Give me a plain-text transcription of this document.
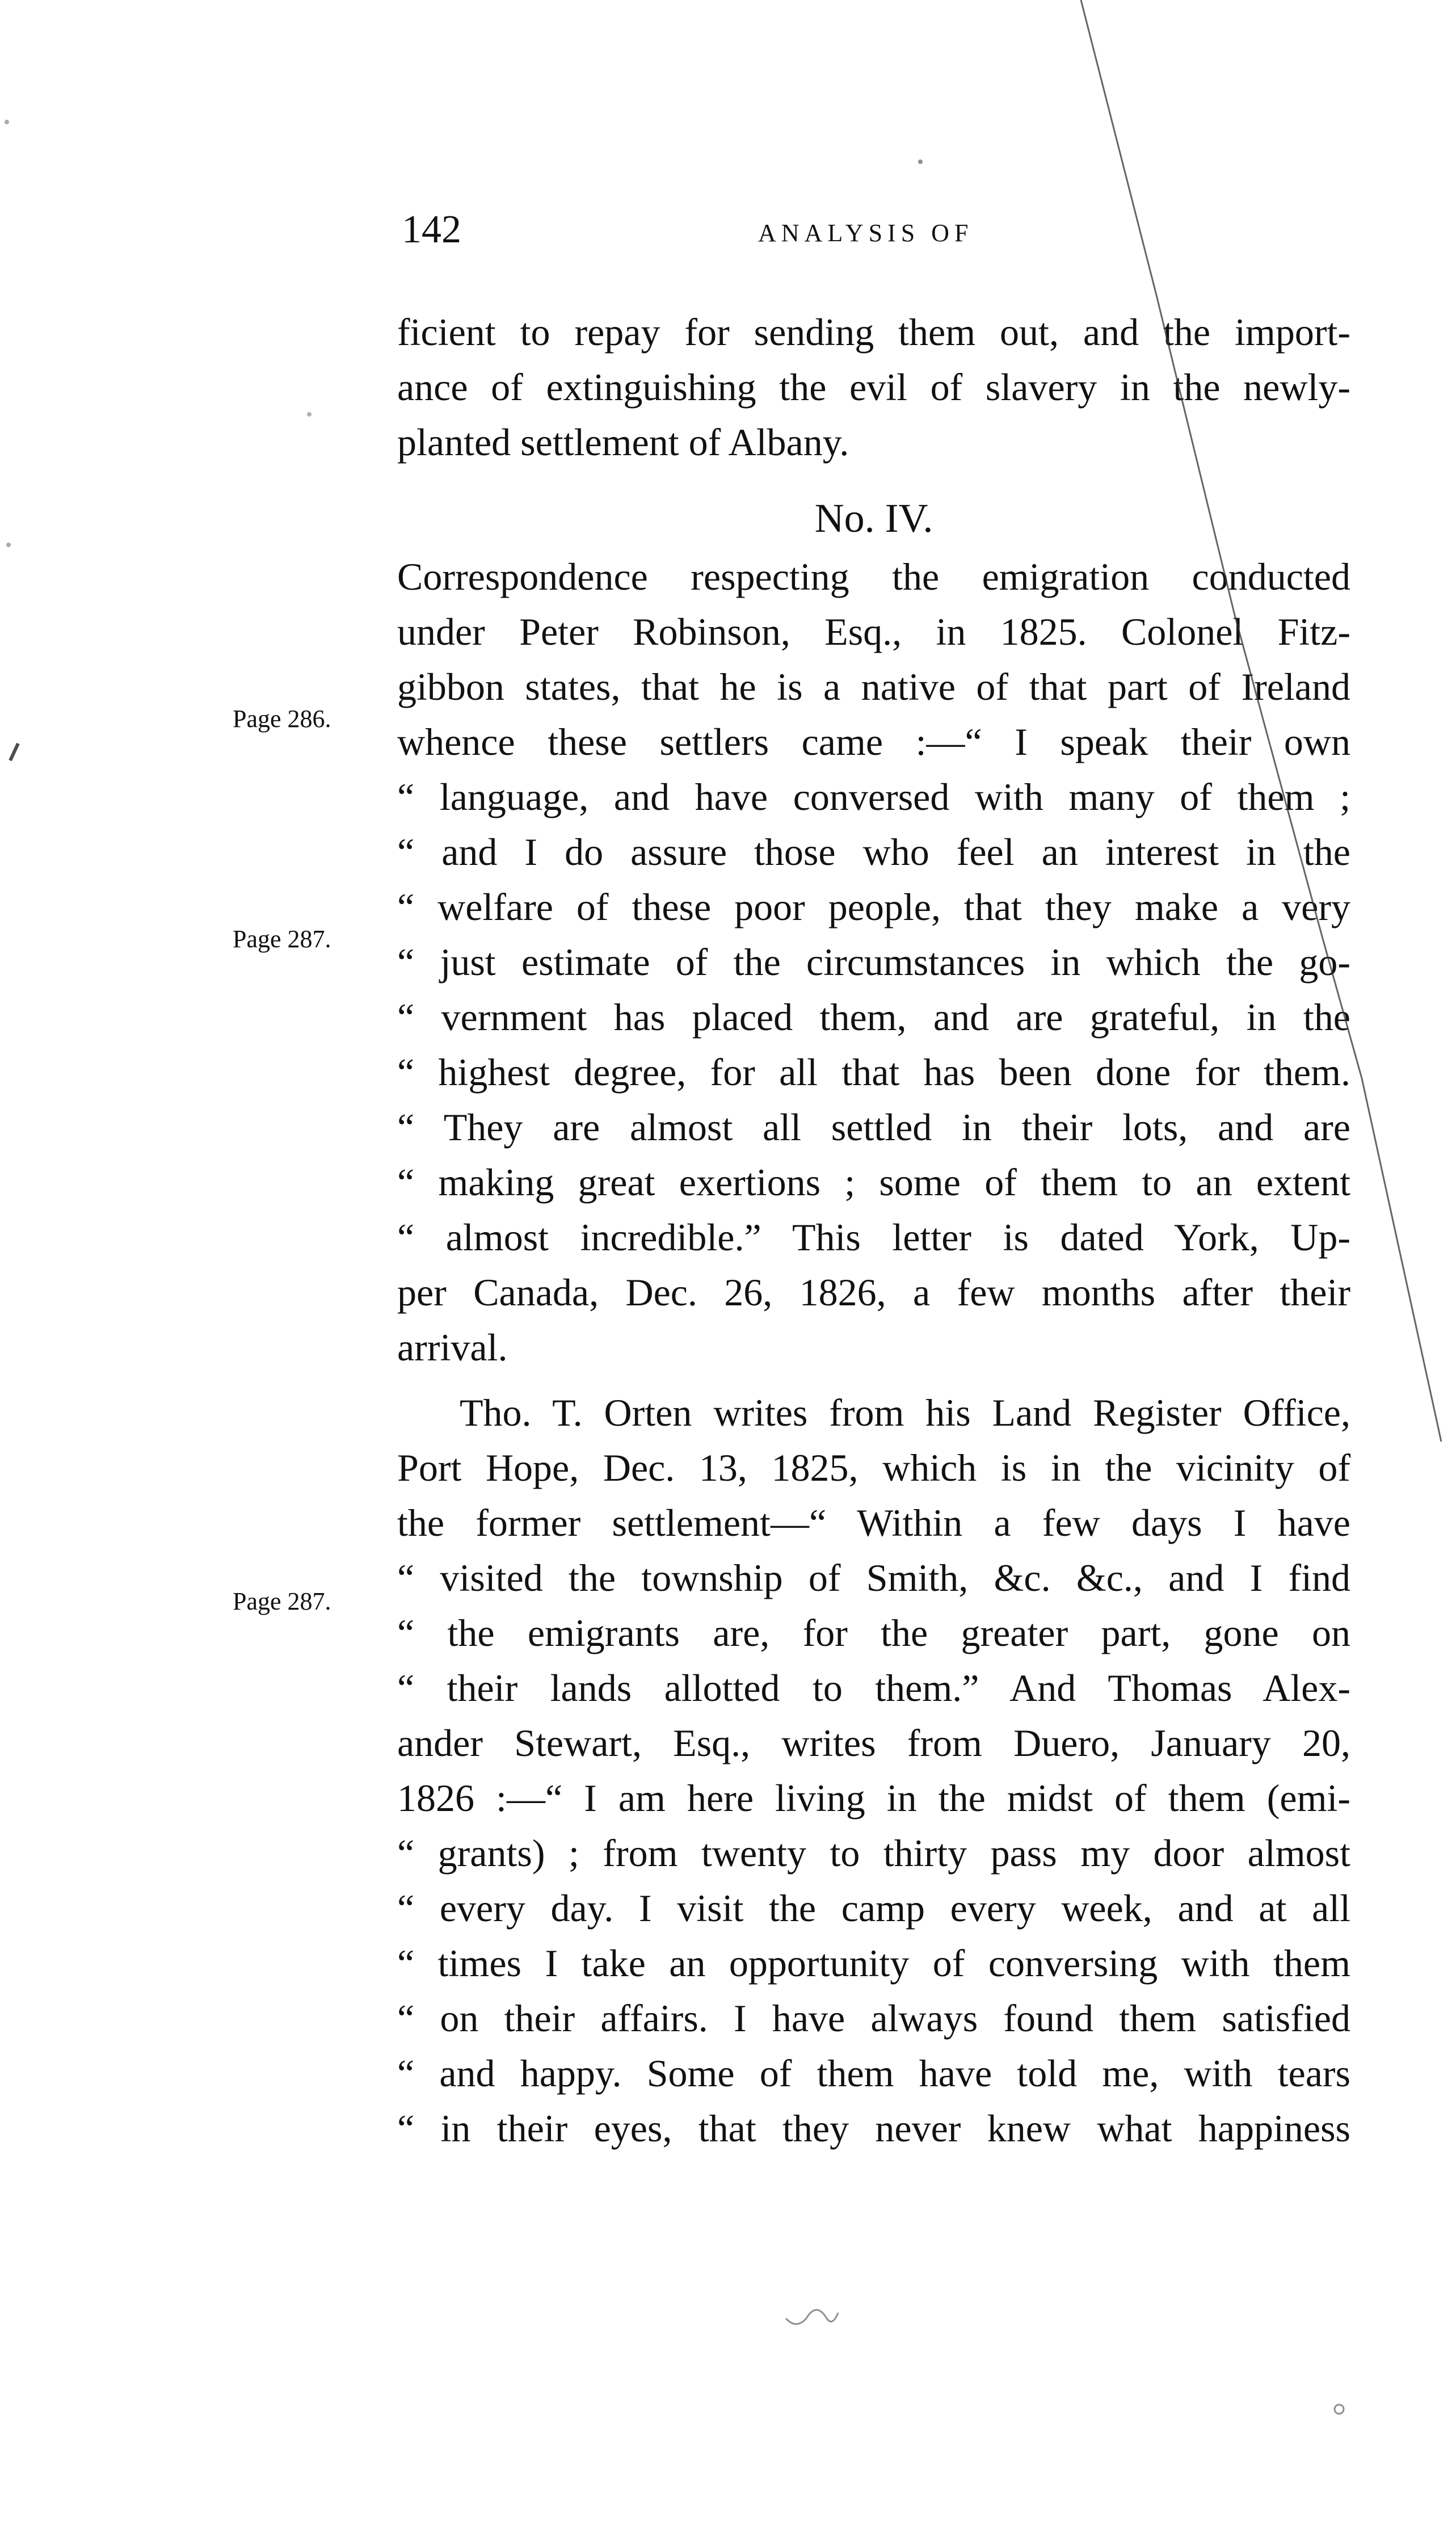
142	ANALYSIS OF
ficient to repay for sending them out, and the import-
ance of extinguishing the evil of slavery in the newly-
planted settlement of Albany.
No. IV.
Correspondence respecting the emigration conducted
under Peter Robinson, Esq., in 1825. Colonel Fitz-
gibbon states, that he is a native of that part of Ireland
whence these settlers came :—“ I speak their own
“ language, and have conversed with many of them ;
“ and I do assure those who feel an interest in the
“ welfare of these poor people, that they make a very
“ just estimate of the circumstances in which the go-
“ vernment has placed them, and are grateful, in the
“ highest degree, for all that has been done for them.
“ They are almost all settled in their lots, and are
“ making great exertions ; some of them to an extent
“ almost incredible.” This letter is dated York, Up-
per Canada, Dec. 26, 1826, a few months after their
arrival.
Tho. T. Orten writes from his Land Register Office,
Port Hope, Dec. 13, 1825, which is in the vicinity of
the former settlement—“ Within a few days I have
“ visited the township of Smith, &c. &c., and I find
“ the emigrants are, for the greater part, gone on
“ their lands allotted to them.” And Thomas Alex-
ander Stewart, Esq., writes from Duero, January 20,
1826 :—“ I am here living in the midst of them (emi-
“ grants) ; from twenty to thirty pass my door almost
“ every day. I visit the camp every week, and at all
“ times I take an opportunity of conversing with them
“ on their affairs. I have always found them satisfied
“ and happy. Some of them have told me, with tears
“ in their eyes, that they never knew what happiness
Page 286.
Page 287.
Page 287.
